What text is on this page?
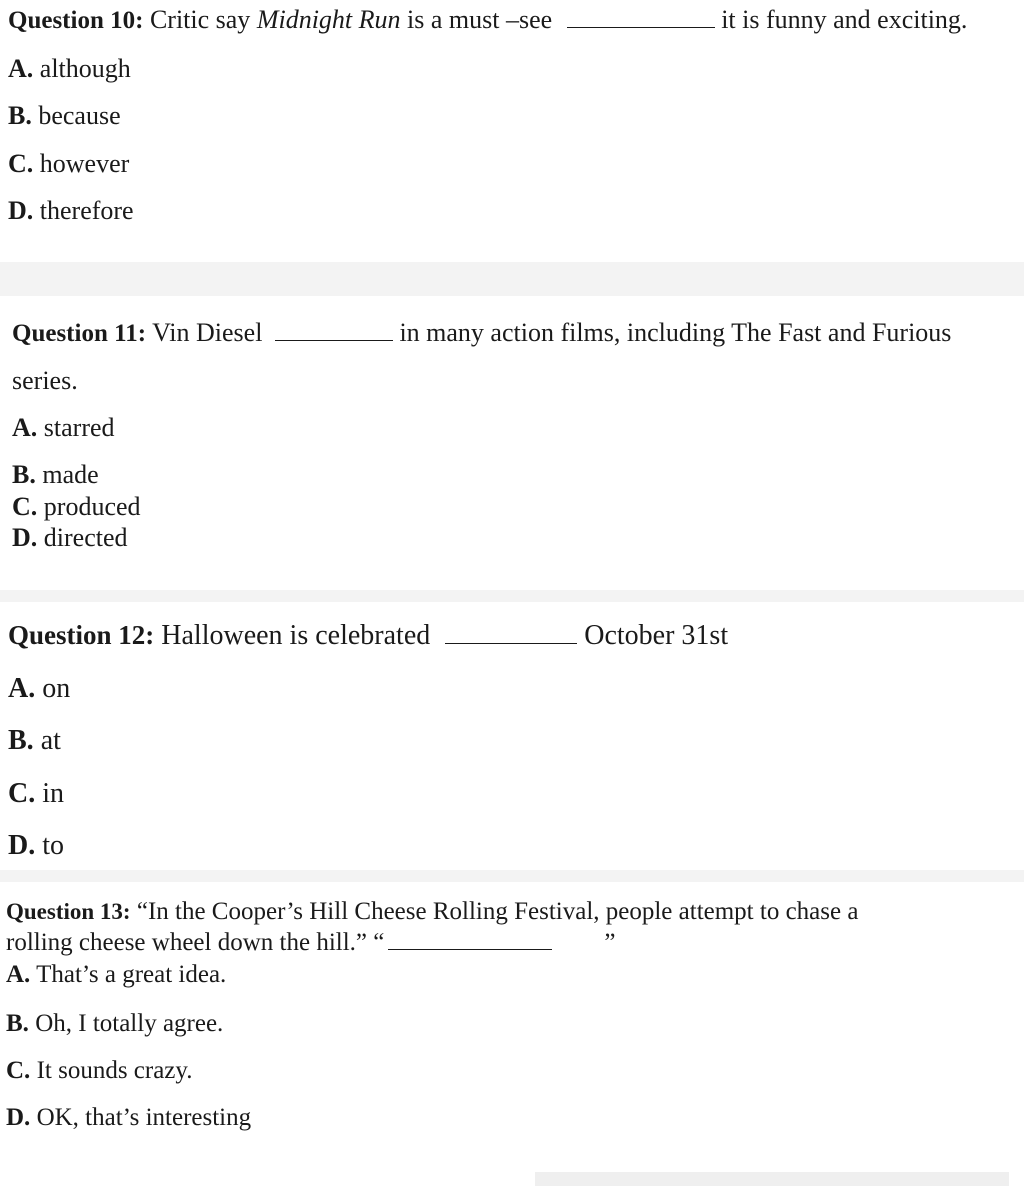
Question 10: Critic say Midnight Run is a must –see	it is funny and exciting.
A. although
B. because
C. however
D. therefore
Question 11: Vin Diesel	in many action films, including The Fast and Furious
series.
A. starred
B. made
C. produced
D. directed
Question 12: Halloween is celebrated	October 31st
A. on
B. at
C. in
D. to
Question 13: “In the Cooper’s Hill Cheese Rolling Festival, people attempt to chase a
rolling cheese wheel down the hill.” “	”
A. That’s a great idea.
B. Oh, I totally agree.
C. It sounds crazy.
D. OK, that’s interesting
